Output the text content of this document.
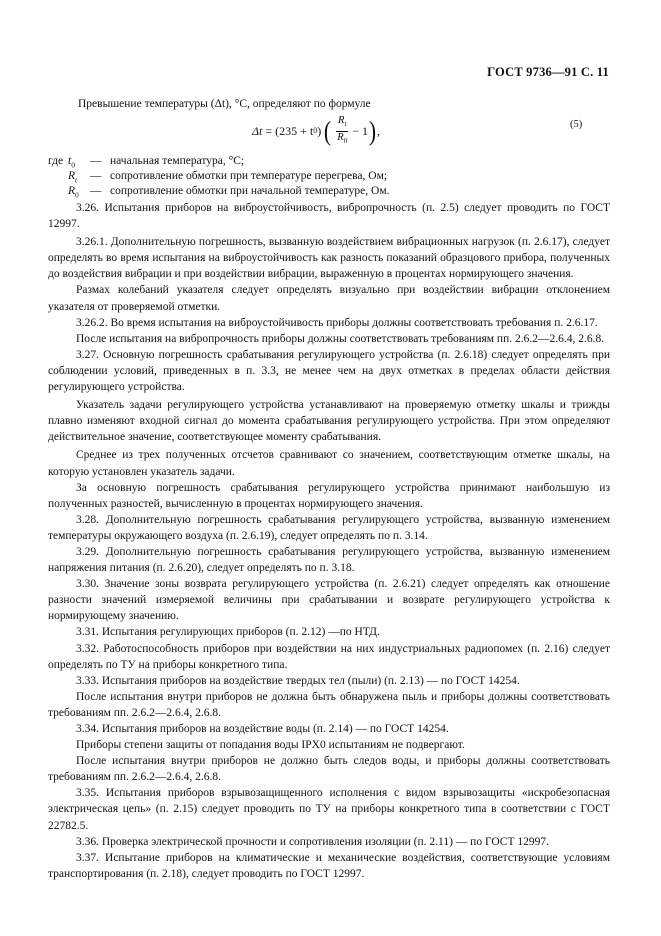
ГОСТ 9736—91 С. 11
Превышение температуры (Δt), °С, определяют по формуле
Δt
=
(235 + t 0 ) ( $\frac{R_t}{R_0} - 1$ ) ,	(5)
где $t_0$	— начальная температура, °С;
$R_t$	— сопротивление обмотки при температуре перегрева, Ом;
$R_0$ — сопротивление обмотки при начальной температуре, Ом.

3.26. Испытания приборов на виброустойчивость, вибропрочность (п. 2.5) следует проводить по ГОСТ 12997.

3.26.1. Дополнительную погрешность, вызванную воздействием вибрационных нагрузок (п. 2.6.17), следует определять во время испытания на виброустойчивость как разность показаний образцового прибора, полученных до воздействия вибрации и при воздействии вибрации, выраженную в процентах нормирующего значения.

Размах колебаний указателя следует определять визуально при воздействии вибрации отклонением указателя от проверяемой отметки.

3.26.2. Во время испытания на виброустойчивость приборы должны соответствовать требования п. 2.6.17.

После испытания на вибропрочность приборы должны соответствовать требованиям пп. 2.6.2—2.6.4, 2.6.8.

3.27. Основную погрешность срабатывания регулирующего устройства (п. 2.6.18) следует определять при соблюдении условий, приведенных в п. 3.3, не менее чем на двух отметках в пределах области действия регулирующего устройства.

Указатель задачи регулирующего устройства устанавливают на проверяемую отметку шкалы и трижды плавно изменяют входной сигнал до момента срабатывания регулирующего устройства. При этом определяют действительное значение, соответствующее моменту срабатывания.

Среднее из трех полученных отсчетов сравнивают со значением, соответствующим отметке шкалы, на которую установлен указатель задачи.

За основную погрешность срабатывания регулирующего устройства принимают наибольшую из полученных разностей, вычисленную в процентах нормирующего значения.

3.28. Дополнительную погрешность срабатывания регулирующего устройства, вызванную изменением температуры окружающего воздуха (п. 2.6.19), следует определять по п. 3.14.

3.29. Дополнительную погрешность срабатывания регулирующего устройства, вызванную изменением напряжения питания (п. 2.6.20), следует определять по п. 3.18.

3.30. Значение зоны возврата регулирующего устройства (п. 2.6.21) следует определять как отношение разности значений измеряемой величины при срабатывании и возврате регулирующего устройства к нормирующему значению.

3.31. Испытания регулирующих приборов (п. 2.12) —по НТД.

3.32. Работоспособность приборов при воздействии на них индустриальных радиопомех (п. 2.16) следует определять по ТУ на приборы конкретного типа.

3.33. Испытания приборов на воздействие твердых тел (пыли) (п. 2.13) — по ГОСТ 14254.

После испытания внутри приборов не должна быть обнаружена пыль и приборы должны соответствовать требованиям пп. 2.6.2—2.6.4, 2.6.8.

3.34. Испытания приборов на воздействие воды (п. 2.14) — по ГОСТ 14254.

Приборы степени защиты от попадания воды IPX0 испытаниям не подвергают.

После испытания внутри приборов не должно быть следов воды, и приборы должны соответствовать требованиям пп. 2.6.2—2.6.4, 2.6.8.

3.35. Испытания приборов взрывозащищенного исполнения с видом взрывозащиты «искробезопасная электрическая цепь» (п. 2.15) следует проводить по ТУ на приборы конкретного типа в соответствии с ГОСТ 22782.5.

3.36. Проверка электрической прочности и сопротивления изоляции (п. 2.11) — по ГОСТ 12997.

3.37. Испытание приборов на климатические и механические воздействия, соответствующие условиям транспортирования (п. 2.18), следует проводить по ГОСТ 12997.
